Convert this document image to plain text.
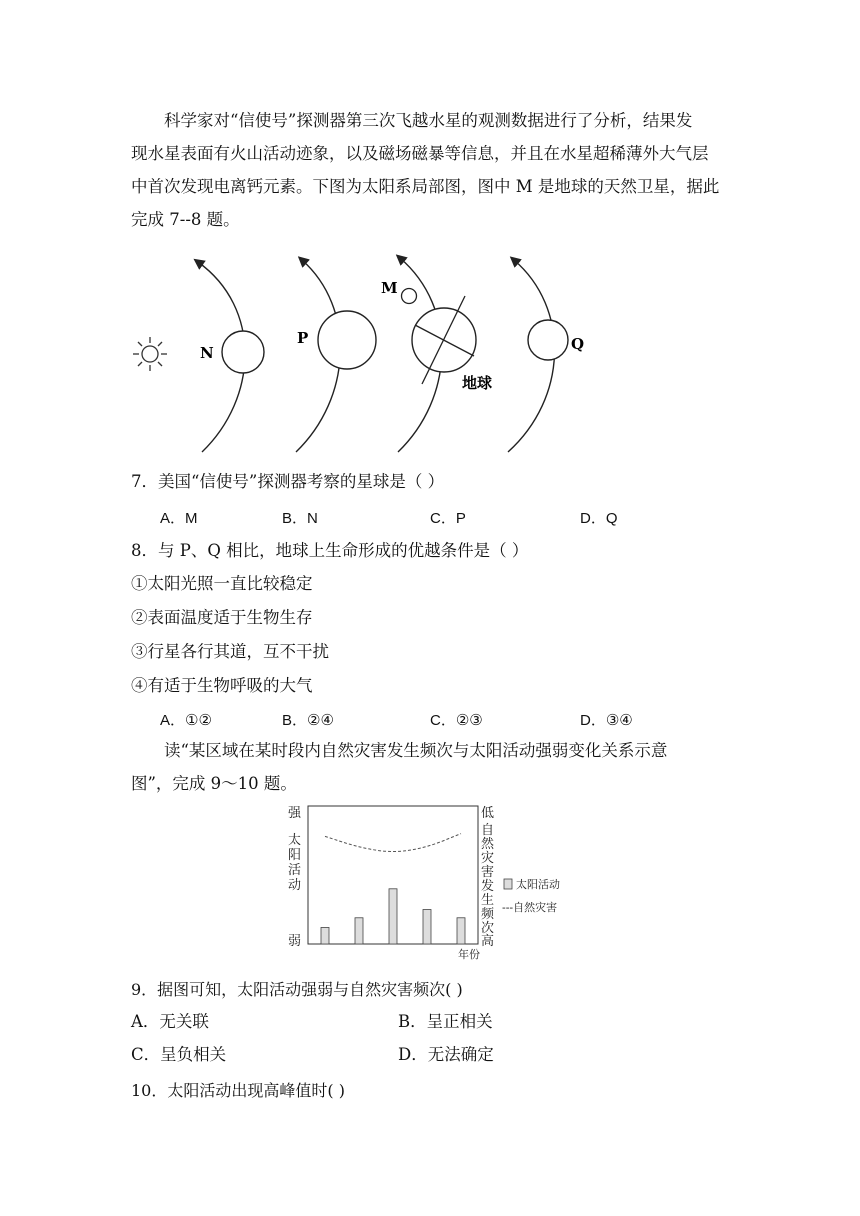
科学家对“信使号”探测器第三次飞越水星的观测数据进行了分析，结果发
现水星表面有火山活动迹象，以及磁场磁暴等信息，并且在水星超稀薄外大气层
中首次发现电离钙元素。下图为太阳系局部图，图中 M 是地球的天然卫星，据此
完成 7--8 题。
N
P
M
Q
地球
7．美国“信使号”探测器考察的星球是（ ）
A．M	B．N	C．P	D．Q
8．与 P、Q 相比，地球上生命形成的优越条件是（ ）
①太阳光照一直比较稳定
②表面温度适于生物生存
③行星各行其道，互不干扰
④有适于生物呼吸的大气
A．①②	B．②④	C．②③	D．③④
读“某区域在某时段内自然灾害发生频次与太阳活动强弱变化关系示意
图”，完成 9～10 题。
强
弱
低
高
年份
太阳活动
---自然灾害
太
阳
活
动
自
然
灾
害
发
生
频
次
9．据图可知，太阳活动强弱与自然灾害频次( )
A．无关联	B．呈正相关
C．呈负相关	D．无法确定
10．太阳活动出现高峰值时( )
